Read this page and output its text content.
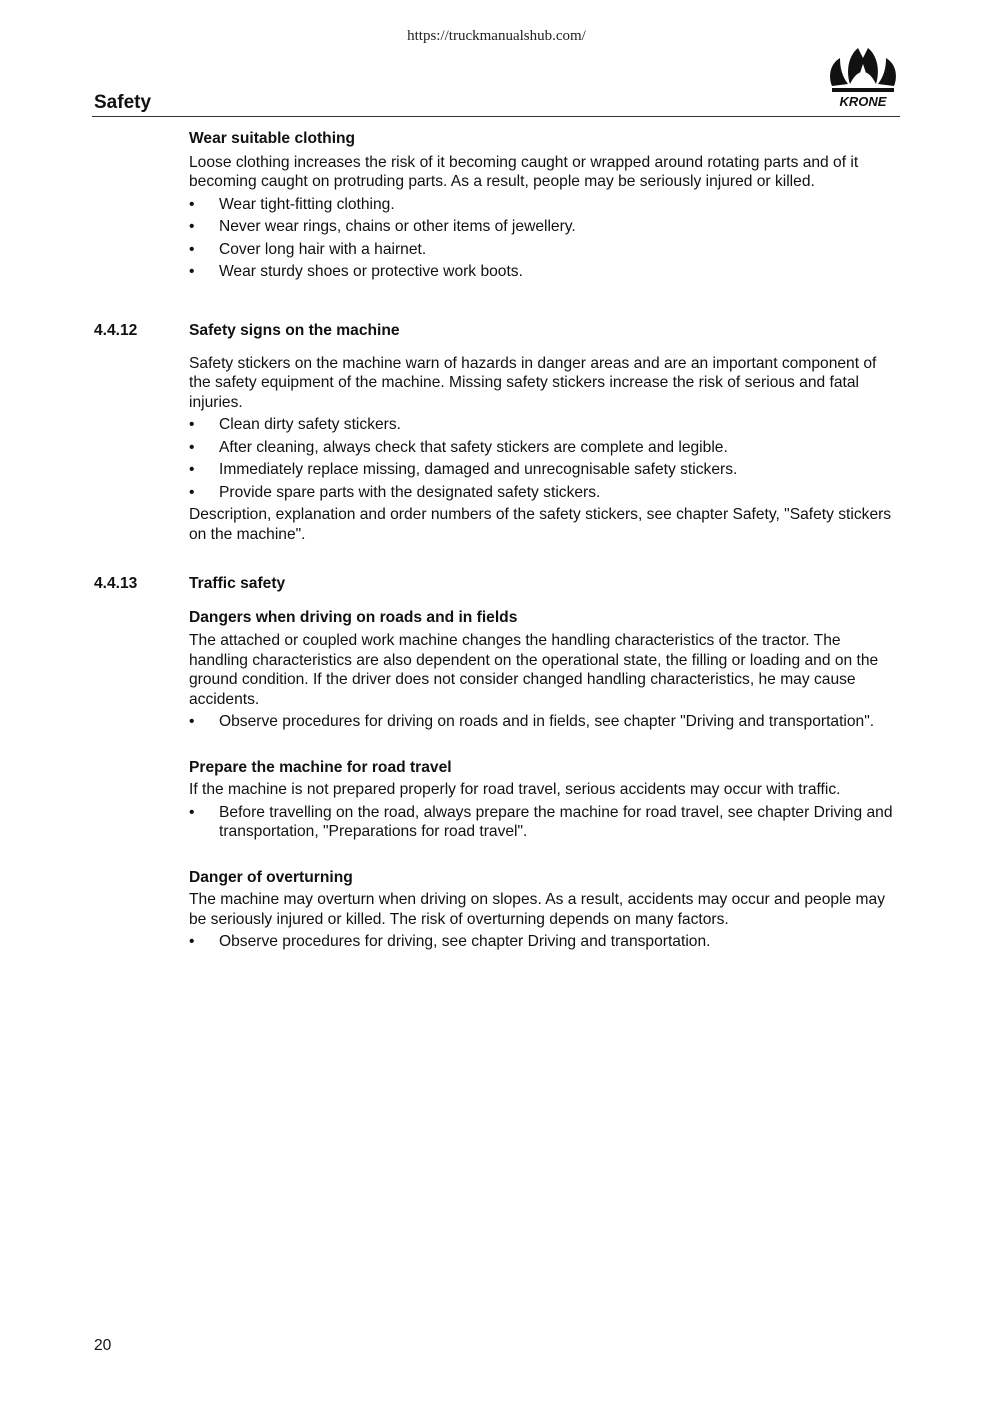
https://truckmanualshub.com/
Safety	KRONE

Wear suitable clothing

Loose clothing increases the risk of it becoming caught or wrapped around rotating parts and of it becoming caught on protruding parts. As a result, people may be seriously injured or killed.

• Wear tight-fitting clothing.
• Never wear rings, chains or other items of jewellery.
• Cover long hair with a hairnet.
• Wear sturdy shoes or protective work boots.
4.4.12	Safety signs on the machine

Safety stickers on the machine warn of hazards in danger areas and are an important component of the safety equipment of the machine. Missing safety stickers increase the risk of serious and fatal injuries.

• Clean dirty safety stickers.
• After cleaning, always check that safety stickers are complete and legible.
• Immediately replace missing, damaged and unrecognisable safety stickers.
• Provide spare parts with the designated safety stickers.

Description, explanation and order numbers of the safety stickers, see chapter Safety, "Safety stickers on the machine".

4.4.13	Traffic safety

Dangers when driving on roads and in fields

The attached or coupled work machine changes the handling characteristics of the tractor. The handling characteristics are also dependent on the operational state, the filling or loading and on the ground condition. If the driver does not consider changed handling characteristics, he may cause accidents.

• Observe procedures for driving on roads and in fields, see chapter "Driving and transportation".

Prepare the machine for road travel

If the machine is not prepared properly for road travel, serious accidents may occur with traffic.

• Before travelling on the road, always prepare the machine for road travel, see chapter Driving and transportation, "Preparations for road travel".

Danger of overturning

The machine may overturn when driving on slopes. As a result, accidents may occur and people may be seriously injured or killed. The risk of overturning depends on many factors.

• Observe procedures for driving, see chapter Driving and transportation.
20
